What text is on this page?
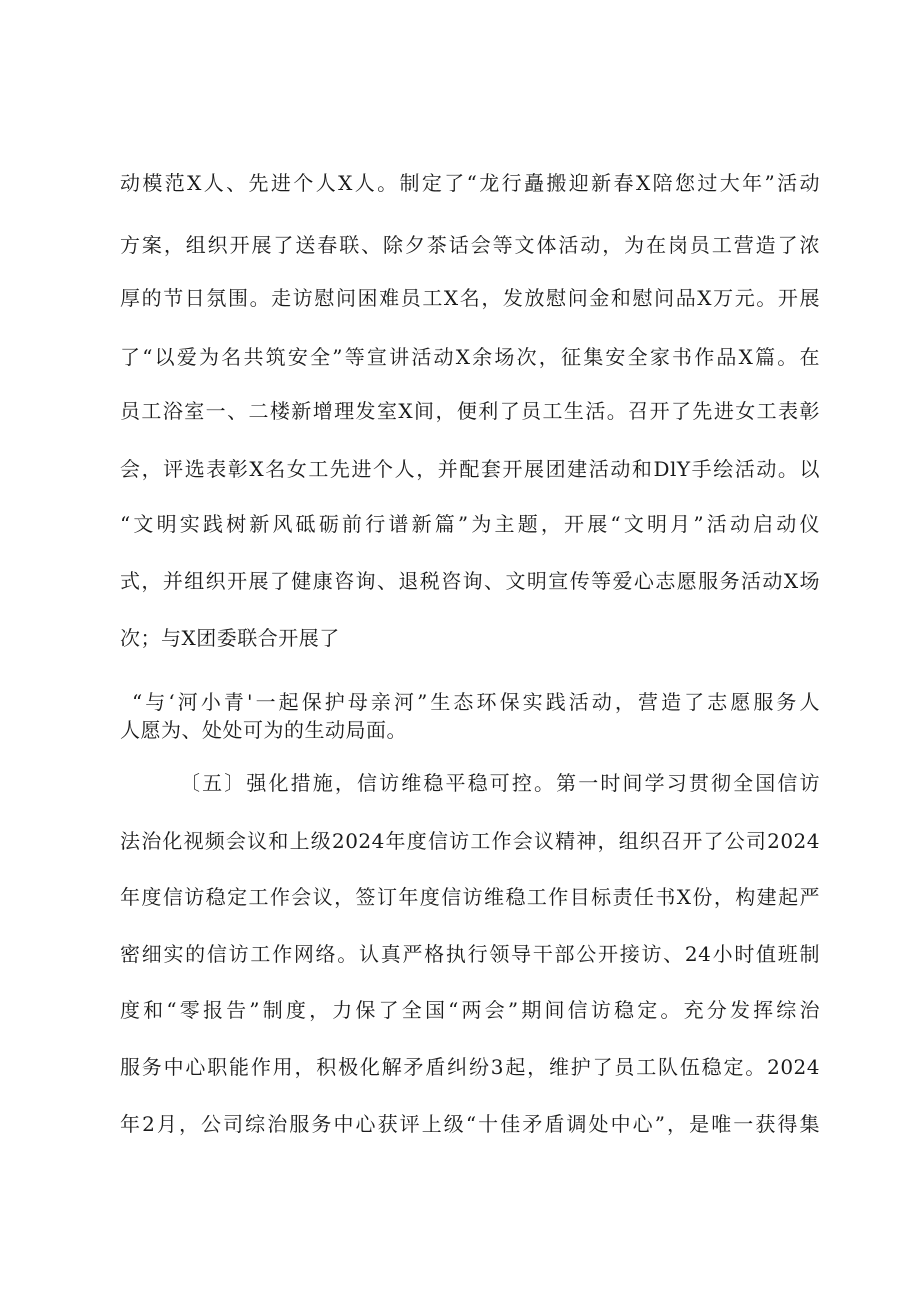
动模范X人、先进个人X人。制定了“龙行矗搬迎新春X陪您过大年”活动
方案，组织开展了送春联、除夕茶话会等文体活动，为在岗员工营造了浓
厚的节日氛围。走访慰问困难员工X名，发放慰问金和慰问品X万元。开展
了“以爱为名共筑安全”等宣讲活动X余场次，征集安全家书作品X篇。在
员工浴室一、二楼新增理发室X间，便利了员工生活。召开了先进女工表彰
会，评选表彰X名女工先进个人，并配套开展团建活动和DlY手绘活动。以
“文明实践树新风砥砺前行谱新篇”为主题，开展“文明月”活动启动仪
式，并组织开展了健康咨询、退税咨询、文明宣传等爱心志愿服务活动X场
次；与X团委联合开展了
“与‘河小青'一起保护母亲河”生态环保实践活动，营造了志愿服务人
人愿为、处处可为的生动局面。
〔五〕强化措施，信访维稳平稳可控。第一时间学习贯彻全国信访
法治化视频会议和上级2024年度信访工作会议精神，组织召开了公司2024
年度信访稳定工作会议，签订年度信访维稳工作目标责任书X份，构建起严
密细实的信访工作网络。认真严格执行领导干部公开接访、24小时值班制
度和“零报告”制度，力保了全国“两会”期间信访稳定。充分发挥综治
服务中心职能作用，积极化解矛盾纠纷3起，维护了员工队伍稳定。2024
年2月，公司综治服务中心获评上级“十佳矛盾调处中心”，是唯一获得集
